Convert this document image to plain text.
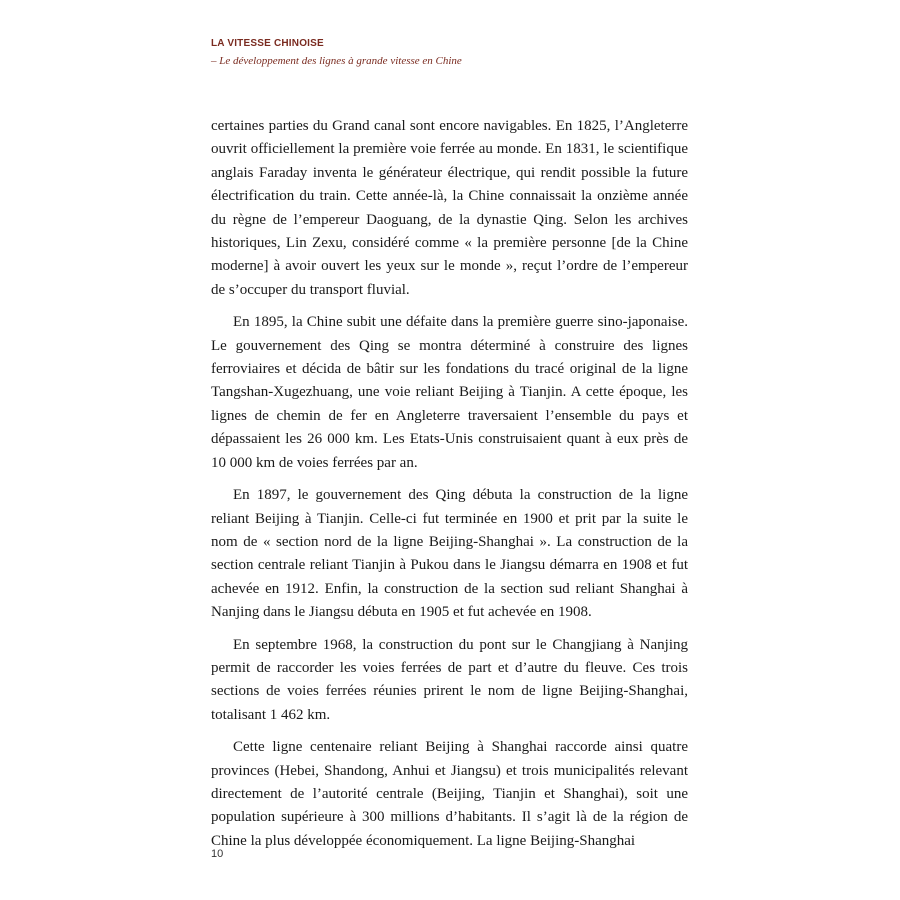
LA VITESSE CHINOISE
– Le développement des lignes à grande vitesse en Chine

certaines parties du Grand canal sont encore navigables. En 1825, l’Angleterre ouvrit officiellement la première voie ferrée au monde. En 1831, le scientifique anglais Faraday inventa le générateur électrique, qui rendit possible la future électrification du train. Cette année-là, la Chine connaissait la onzième année du règne de l’empereur Daoguang, de la dynastie Qing. Selon les archives historiques, Lin Zexu, considéré comme « la première personne [de la Chine moderne] à avoir ouvert les yeux sur le monde », reçut l’ordre de l’empereur de s’occuper du transport fluvial.

En 1895, la Chine subit une défaite dans la première guerre sino-japonaise. Le gouvernement des Qing se montra déterminé à construire des lignes ferroviaires et décida de bâtir sur les fondations du tracé original de la ligne Tangshan-Xugezhuang, une voie reliant Beijing à Tianjin. A cette époque, les lignes de chemin de fer en Angleterre traversaient l’ensemble du pays et dépassaient les 26 000 km. Les Etats-Unis construisaient quant à eux près de 10 000 km de voies ferrées par an.

En 1897, le gouvernement des Qing débuta la construction de la ligne reliant Beijing à Tianjin. Celle-ci fut terminée en 1900 et prit par la suite le nom de « section nord de la ligne Beijing-Shanghai ». La construction de la section centrale reliant Tianjin à Pukou dans le Jiangsu démarra en 1908 et fut achevée en 1912. Enfin, la construction de la section sud reliant Shanghai à Nanjing dans le Jiangsu débuta en 1905 et fut achevée en 1908.

En septembre 1968, la construction du pont sur le Changjiang à Nanjing permit de raccorder les voies ferrées de part et d’autre du fleuve. Ces trois sections de voies ferrées réunies prirent le nom de ligne Beijing-Shanghai, totalisant 1 462 km.

Cette ligne centenaire reliant Beijing à Shanghai raccorde ainsi quatre provinces (Hebei, Shandong, Anhui et Jiangsu) et trois municipalités relevant directement de l’autorité centrale (Beijing, Tianjin et Shanghai), soit une population supérieure à 300 millions d’habitants. Il s’agit là de la région de Chine la plus développée économiquement. La ligne Beijing-Shanghai

10
